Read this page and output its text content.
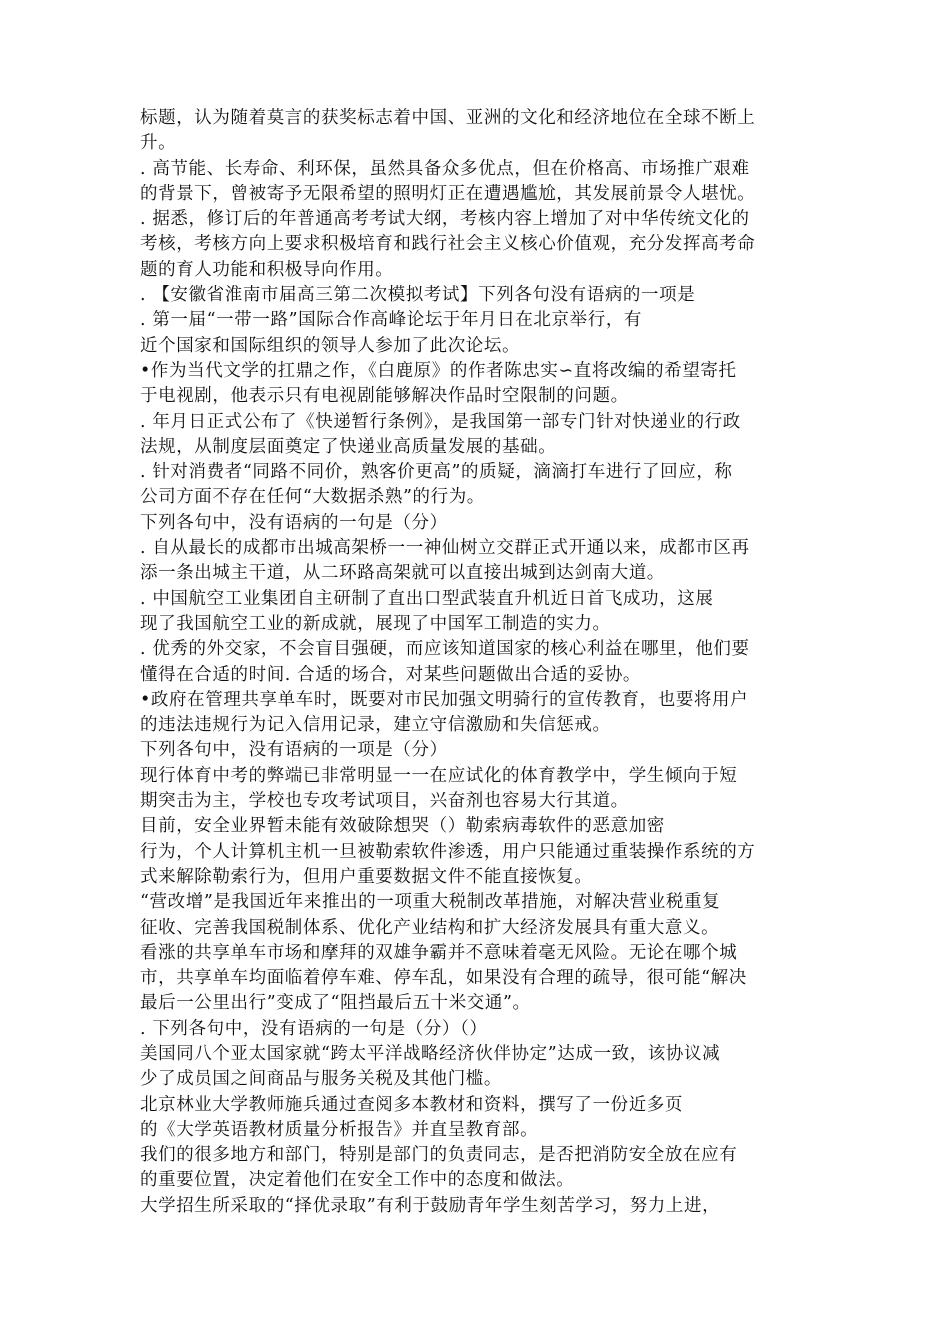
标题，认为随着莫言的获奖标志着中国、亚洲的文化和经济地位在全球不断上
升。
. 高节能、长寿命、利环保，虽然具备众多优点，但在价格高、市场推广艰难
的背景下，曾被寄予无限希望的照明灯正在遭遇尴尬，其发展前景令人堪忧。
. 据悉，修订后的年普通高考考试大纲，考核内容上增加了对中华传统文化的
考核，考核方向上要求积极培育和践行社会主义核心价值观，充分发挥高考命
题的育人功能和积极导向作用。
. 【安徽省淮南市届高三第二次模拟考试】下列各句没有语病的一项是
. 第一届“一带一路”国际合作高峰论坛于年月日在北京举行，有
近个国家和国际组织的领导人参加了此次论坛。
•作为当代文学的扛鼎之作，《白鹿原》的作者陈忠实∽直将改编的希望寄托
于电视剧，他表示只有电视剧能够解决作品时空限制的问题。
. 年月日正式公布了《快递暂行条例》，是我国第一部专门针对快递业的行政
法规，从制度层面奠定了快递业高质量发展的基础。
. 针对消费者“同路不同价，熟客价更高”的质疑，滴滴打车进行了回应，称
公司方面不存在任何“大数据杀熟”的行为。
下列各句中，没有语病的一句是（分）
. 自从最长的成都市出城高架桥一一神仙树立交群正式开通以来，成都市区再
添一条出城主干道，从二环路高架就可以直接出城到达剑南大道。
. 中国航空工业集团自主研制了直出口型武装直升机近日首飞成功，这展
现了我国航空工业的新成就，展现了中国军工制造的实力。
. 优秀的外交家，不会盲目强硬，而应该知道国家的核心利益在哪里，他们要
懂得在合适的时间. 合适的场合，对某些问题做出合适的妥协。
•政府在管理共享单车时，既要对市民加强文明骑行的宣传教育，也要将用户
的违法违规行为记入信用记录，建立守信激励和失信惩戒。
下列各句中，没有语病的一项是（分）
现行体育中考的弊端已非常明显一一在应试化的体育教学中，学生倾向于短
期突击为主，学校也专攻考试项目，兴奋剂也容易大行其道。
目前，安全业界暂未能有效破除想哭（）勒索病毒软件的恶意加密
行为，个人计算机主机一旦被勒索软件渗透，用户只能通过重装操作系统的方
式来解除勒索行为，但用户重要数据文件不能直接恢复。
“营改增”是我国近年来推出的一项重大税制改革措施，对解决营业税重复
征收、完善我国税制体系、优化产业结构和扩大经济发展具有重大意义。
看涨的共享单车市场和摩拜的双雄争霸并不意味着毫无风险。无论在哪个城
市，共享单车均面临着停车难、停车乱，如果没有合理的疏导，很可能“解决
最后一公里出行”变成了“阻挡最后五十米交通”。
. 下列各句中，没有语病的一句是（分）（）
美国同八个亚太国家就“跨太平洋战略经济伙伴协定”达成一致，该协议减
少了成员国之间商品与服务关税及其他门槛。
北京林业大学教师施兵通过查阅多本教材和资料，撰写了一份近多页
的《大学英语教材质量分析报告》并直呈教育部。
我们的很多地方和部门，特别是部门的负责同志，是否把消防安全放在应有
的重要位置，决定着他们在安全工作中的态度和做法。
大学招生所采取的“择优录取”有利于鼓励青年学生刻苦学习，努力上进，
